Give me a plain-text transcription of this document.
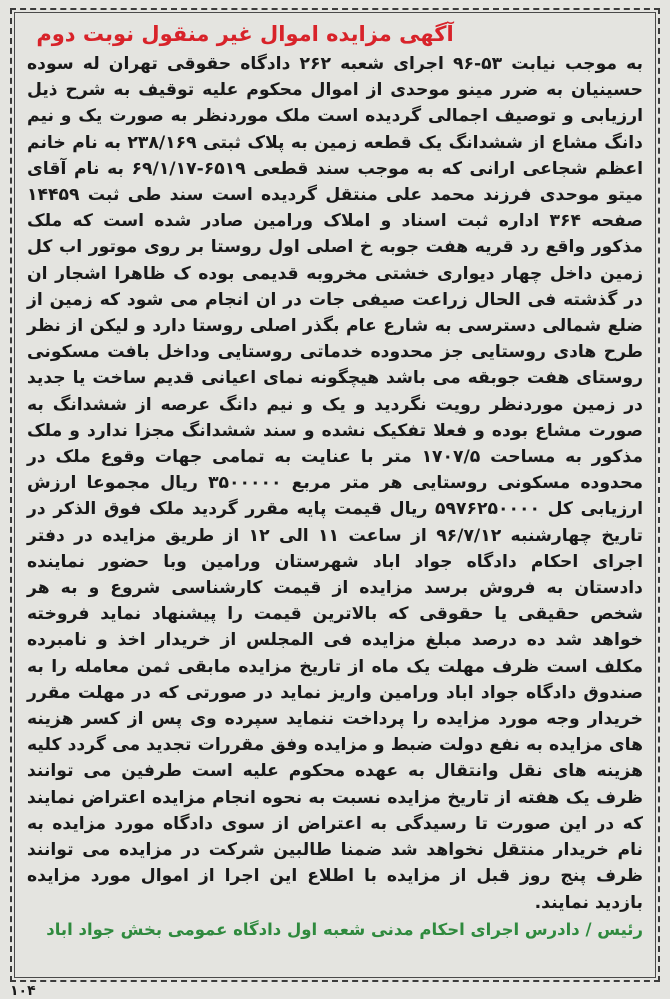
آگهی مزایده اموال غیر منقول نوبت دوم

به موجب نیابت ۵۳-۹۶ اجرای شعبه ۲۶۲ دادگاه حقوقی تهران له سوده حسینیان به ضرر مینو موحدی از اموال محکوم علیه توقیف به شرح ذیل ارزیابی و توصیف اجمالی گردیده است ملک موردنظر به صورت یک و نیم دانگ مشاع از ششدانگ یک قطعه زمین به پلاک ثبتی ۲۳۸/۱۶۹ به نام خانم اعظم شجاعی ارانی که به موجب سند قطعی ۶۵۱۹-۶۹/۱/۱۷ به نام آقای میتو موحدی فرزند محمد علی منتقل گردیده است سند طی ثبت ۱۴۴۵۹ صفحه ۳۶۴ اداره ثبت اسناد و املاک ورامین صادر شده است که ملک مذکور واقع رد قریه هفت جوبه خ اصلی اول روستا بر روی موتور اب کل زمین داخل چهار دیواری خشتی مخروبه قدیمی بوده ک ظاهرا اشجار ان در گذشته فی الحال زراعت صیفی جات در ان انجام می شود که زمین از ضلع شمالی دسترسی به شارع عام بگذر اصلی روستا دارد و لیکن از نظر طرح هادی روستایی جز محدوده خدماتی روستایی وداخل بافت مسکونی روستای هفت جوبقه می باشد هیچگونه نمای اعیانی قدیم ساخت یا جدید در زمین موردنظر رویت نگردید و یک و نیم دانگ عرصه از ششدانگ به صورت مشاع بوده و فعلا تفکیک نشده و سند ششدانگ مجزا ندارد و ملک مذکور به مساحت ۱۷۰۷/۵ متر با عنایت به تمامی جهات وقوع ملک در محدوده مسکونی روستایی هر متر مربع ۳۵۰۰۰۰۰ ریال مجموعا ارزش ارزیابی کل ۵۹۷۶۲۵۰۰۰۰ ریال قیمت پایه مقرر گردید ملک فوق الذکر در تاریخ چهارشنبه ۹۶/۷/۱۲ از ساعت ۱۱ الی ۱۲ از طریق مزایده در دفتر اجرای احکام دادگاه جواد اباد شهرستان ورامین وبا حضور نماینده دادستان به فروش برسد مزایده از قیمت کارشناسی شروع و به هر شخص حقیقی یا حقوقی که بالاترین قیمت را پیشنهاد نماید فروخته خواهد شد ده درصد مبلغ مزایده فی المجلس از خریدار اخذ و نامبرده مکلف است ظرف مهلت یک ماه از تاریخ مزایده مابقی ثمن معامله را به صندوق دادگاه جواد اباد ورامین واریز نماید در صورتی که در مهلت مقرر خریدار وجه مورد مزایده را پرداخت ننماید سپرده وی پس از کسر هزینه های مزایده به نفع دولت ضبط و مزایده وفق مقررات تجدید می گردد کلیه هزینه های نقل وانتقال به عهده محکوم علیه است طرفین می توانند ظرف یک هفته از تاریخ مزایده نسبت به نحوه انجام مزایده اعتراض نمایند که در این صورت تا رسیدگی به اعتراض از سوی دادگاه مورد مزایده به نام خریدار منتقل نخواهد شد ضمنا طالبین شرکت در مزایده می توانند ظرف پنج روز قبل از مزایده با اطلاع این اجرا از اموال مورد مزایده بازدید نمایند.

رئیس / دادرس اجرای احکام مدنی شعبه اول دادگاه عمومی بخش جواد اباد
۱۰۴
